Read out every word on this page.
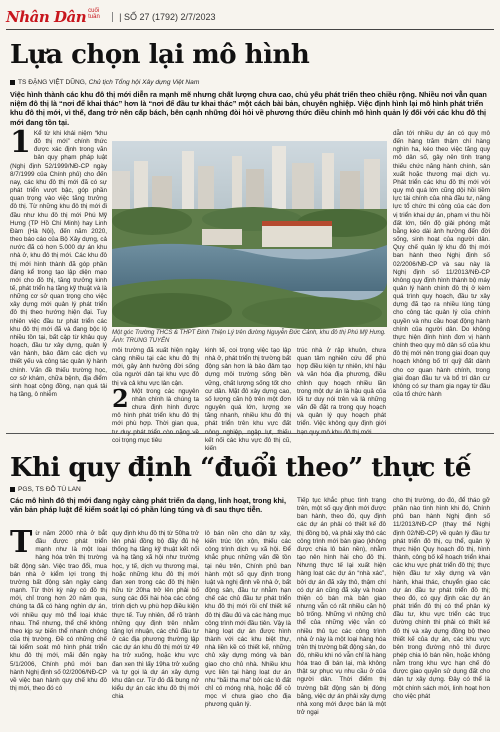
Nhân Dân cuối tuần	| SỐ 27 (1792) 2/7/2023
Lựa chọn lại mô hình
TS ĐẶNG VIỆT DŨNG, Chủ tịch Tổng hội Xây dựng Việt Nam
Việc hình thành các khu đô thị mới diễn ra mạnh mẽ nhưng chất lượng chưa cao, chủ yếu phát triển theo chiều rộng. Nhiều nơi vẫn quan niệm đô thị là “nơi để khai thác” hơn là “nơi để đầu tư khai thác” một cách bài bản, chuyên nghiệp. Việc định hình lại mô hình phát triển khu đô thị mới, vì thế, đang trở nên cấp bách, bên cạnh những đòi hỏi về phương thức điều chỉnh mô hình quản lý đối với các khu đô thị mới đang tồn tại.
1 Kể từ khi khái niệm “khu đô thị mới” chính thức được xác định trong văn bản quy phạm pháp luật (Nghị định 52/1999/NĐ-CP ngày 8/7/1999 của Chính phủ) cho đến nay, các khu đô thị mới đã có sự phát triển vượt bậc, góp phần quan trọng vào việc tăng trưởng đô thị. Từ những khu đô thị mới đi đầu như khu đô thị mới Phú Mỹ Hưng (TP Hồ Chí Minh) hay Linh Đàm (Hà Nội), đến năm 2020, theo báo cáo của Bộ Xây dựng, cả nước đã có hơn 5.000 dự án khu nhà ở, khu đô thị mới. Các khu đô thị mới hình thành đã góp phần đáng kể trong tạo lập diện mạo mới cho đô thị, tăng trưởng kinh tế, phát triển hạ tầng kỹ thuật và là những cơ sở quan trọng cho việc xây dựng mới quản lý phát triển đô thị theo hướng hiện đại. Tuy nhiên việc đầu tư phát triển các khu đô thị mới đã và đang bộc lộ nhiều tồn tại, bất cập từ khâu quy hoạch, đầu tư xây dựng, quản lý vận hành, bảo đảm các dịch vụ thiết yếu và công tác quản lý hành chính. Vấn đề thiếu trường học, cơ sở khám, chữa bệnh, địa điểm sinh hoạt cộng đồng, nạn quá tải hạ tầng, ô nhiễm
Một góc Trường THCS & THPT Đinh Thiện Lý trên đường Nguyễn Đức Cảnh, khu đô thị Phú Mỹ Hưng. Ảnh: TRUNG TUYẾN
môi trường đã xuất hiện ngày càng nhiều tại các khu đô thị mới, gây ảnh hưởng đời sống của người dân tại khu vực đô thị và cả khu vực lân cận.

2 Một trong các nguyên nhân chính là chúng ta chưa định hình được mô hình phát triển khu đô thị mới phù hợp. Thời gian qua, coi trọng mục tiêu
kinh tế, coi trọng việc tạo lập nhà ở, phát triển thị trường bất động sản hơn là bảo đảm tạo dựng môi trường sống bền vững, chất lượng sống tốt cho cư dân. Mặt đô xây dựng cao, số lượng căn hộ trên một đơn nguyên quá lớn, lượng xe tăng nhanh, nhiều khu đô thị phát triển trên khu vực đất kết nối các khu vực đô thị cũ, kiến
trúc nhà ở rập khuôn, chưa quan tâm nghiên cứu để phù hợp điều kiện tự nhiên, khí hậu và văn hóa địa phương, điều chỉnh quy hoạch nhiều lần trong một dự án là hậu quả của lối tư duy nói trên và là những vấn đề đặt ra trong quy hoạch và quản lý quy hoạch phát triển. Việc không quy định giới
dẫn tới nhiều dự án có quy mô đến hàng trăm thậm chí hàng nghìn ha, kéo theo việc tăng quy mô dân số, gây nên tình trạng thiếu chức năng hành chính, sản xuất hoặc thương mại dịch vụ. Phát triển các khu đô thị mới với quy mô quá lớn cũng dội hồi tiềm lực tài chính của nhà đầu tư, năng lực tổ chức thi công của các đơn vị triển khai dự án, phạm vi thu hồi đất lớn, tiến độ giải phóng mặt bằng kéo dài ảnh hưởng đến đời sống, sinh hoạt của người dân. Quy chế quản lý khu đô thị mới ban hành theo Nghị định số 02/2006/NĐ-CP và sau này là Nghị định số 11/2013/NĐ-CP không quy định hình thành bộ máy quản lý hành chính đô thị ở kèm quá trình quy hoạch, đầu tư xây dựng đã tạo ra nhiều lúng túng cho công tác quản lý của chính quyền và nhu cầu hoạt động hành chính của người dân. Do không thực hiện đính hình đơn vị hành chính theo quy mô dân số của khu đô thị mới nên trong giai đoạn quy hoạch không bố trí quỹ đất dành cho cơ quan hành chính, trong giai đoạn đầu tư và bổ trí dân cư không có sự tham gia ngay từ đầu của tổ chức hành
Khi quy định “đuổi theo” thực tế
PGS, TS ĐỖ TÚ LAN
Các mô hình đô thị mới đang ngày càng phát triển đa dạng, linh hoạt, trong khi, văn bản pháp luật để kiểm soát lại có phần lúng túng và đi sau thực tiễn.
Từ năm 2000 nhà ở bắt đầu được phát triển mạnh như là một loại hàng hóa trên thị trường bất động sản. Việc trao đổi, mua bán nhà ở kiểm lợi trong thị trường bất động sản ngày càng mạnh. Từ thời kỳ này có đô thị mới, chỉ trong hơn 20 năm qua, chúng ta đã có hàng nghìn dự án, với nhiều quy mô thể loại khác nhau. Thế nhưng, thể chế không theo kịp sự biến thể nhanh chóng của thị trường. Đề có những chế tài kiểm soát mô hình phát triển khu đô thị mới, mãi đến ngày 5/1/2006, Chính phủ mới ban hành Nghị định số 02/2006/NĐ-CP về việc ban hành quy chế khu đô thị mới, theo đó có
quy định khu đô thị từ 50ha trở lên phải đồng bộ đầy đủ hệ thống hạ tầng kỹ thuật kết nối và hạ tầng xã hội như trường học, y tế, dịch vụ thương mại, hoặc những khu đô thị mới đan xen trong các đô thị hiện hữu từ 20ha trở lên phải bố sung các đối hài hòa các công trình dịch vụ phù hợp điều kiện thực tế. Tuy nhiên, để rõ trành những quy định trên nhằm tăng lợi nhuận, các chủ đầu tư ở các địa phương thường lập các dự án khu đô thị mới từ 49 ha trở xuống, hoặc khu vực đan xen thì lấy 19ha trở xuống và tự gọi là dự án xây dựng khu dân cư. Từ đó đã bung nở kiểu dự án các khu đô thị mới chia
lô bán nền cho dân tự xây, kiến trúc lộn xộn, thiếu các công trình dịch vụ xã hội. Để khắc phục những vấn đề tồn tại nêu trên, Chính phủ ban hành một số quy định trong luật và nghị định về nhà ở, bất động sản, đầu tư nhằm hạn chế các chủ đầu tư phát triển khu đô thị mới rồi chỉ thiết kế đô thị đầu đủ và các hàng mục công trình mới đầu tiên. Vậy là hàng loạt dự án được hình thành với các khu biệt thự, nhà liền kề có thiết kế, những chủ xây dựng móng và bàn giao cho chủ nhà. Nhiều khu vực liên tại hàng loạt dư án nhu “bãi tha ma” bởi các lô đất chỉ có móng nhà, hoặc để cỏ mọc vì chưa giao cho địa phương quản lý.
Tiếp tục khắc phục tình trạng trên, một số quy định mới được ban hành, theo đó, quy định các dự án phải có thiết kế đô thị đồng bộ, và phải xây thô các công trình mới bàn giao (không được chia lô bán nền), nhằm tạo nên hình hài cho đô thị. Nhưng thực tế lại xuất hiện hàng loạt các dự án “nhà xác”, bởi dự án đã xây thô, thậm chí có dự án cũng đã xây và hoàn thiện có bán mà bản giao nhưng vẫn có rất nhiều căn hộ bỏ trống. Những vì những chủ thể của những việc vẫn có nhiều thủ tục các công trình nhà ở này là một loại hàng hóa trên thị trường bất động sản, do đó, nhiều khi nó vẫn chỉ là hàng hóa trao đi bán lại, mà không thật sự phục vụ nhu cầu ở của người dân. Thời điểm thị trường bất động sản bị đóng băng, việc dự án phải xây dựng nhà xong mới được bán là một trở ngại
cho thị trường, do đó, để tháo gỡ phần nào tình hình khi đó, Chính phủ ban hành Nghị định số 11/2013/NĐ-CP (thay thế Nghị định 02/NĐ-CP) về quản lý đầu tư phát triển đô thị, cụ thể, quản lý thực hiện Quy hoạch đô thị, hình thành, công bố kế hoạch triển khai các khu vực phát triển đô thị; thực hiện đầu tư xây dựng và vận hành, khai thác, chuyển giao các dự án đầu tư phát triển đô thị; theo đó, có quy định các dự án phát triển đô thị có thể phân kỳ đầu tư, khu vực triển các trục đường chính thì phải có thiết kế đô thị và xây dựng đồng bộ theo thiết kế của dự án, các khu vực bên trong đường nhỏ thì được phép chia lô bán nền, hoặc không nằm trong khu vực hạn chế đó được giao quyền sử dụng đất cho dân tự xây dựng. Đây có thể là một chính sách mới, linh hoạt hơn cho việc phát
